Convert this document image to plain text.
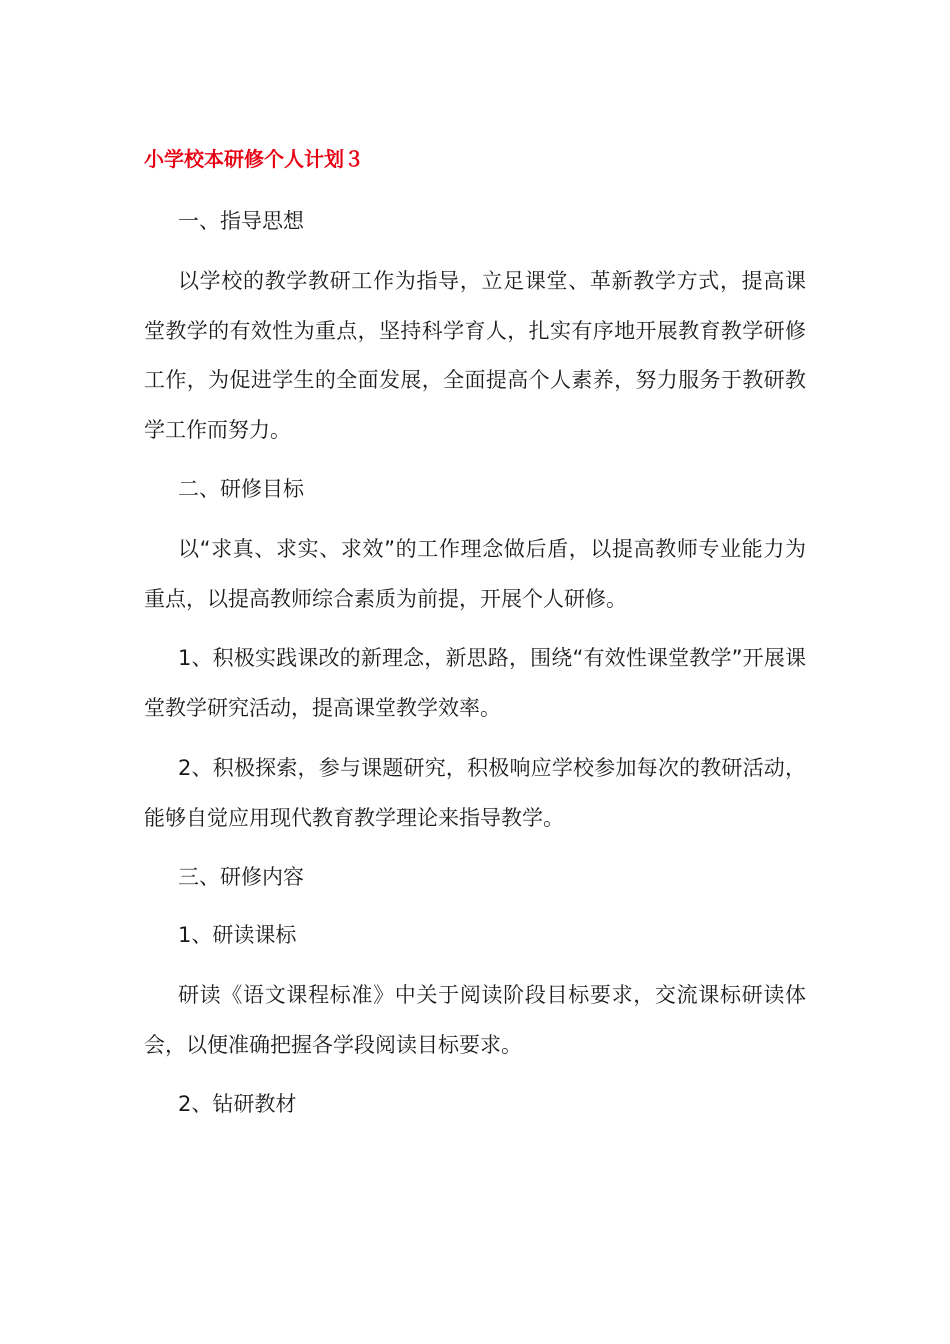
小学校本研修个人计划３

一、指导思想

以学校的教学教研工作为指导，立足课堂、革新教学方式，提高课堂教学的有效性为重点，坚持科学育人，扎实有序地开展教育教学研修工作，为促进学生的全面发展，全面提高个人素养，努力服务于教研教学工作而努力。

二、研修目标

以“求真、求实、求效”的工作理念做后盾，以提高教师专业能力为重点，以提高教师综合素质为前提，开展个人研修。

1、积极实践课改的新理念，新思路，围绕“有效性课堂教学”开展课堂教学研究活动，提高课堂教学效率。

2、积极探索，参与课题研究，积极响应学校参加每次的教研活动，能够自觉应用现代教育教学理论来指导教学。

三、研修内容

1、研读课标

研读《语文课程标准》中关于阅读阶段目标要求，交流课标研读体会，以便准确把握各学段阅读目标要求。

2、钻研教材
